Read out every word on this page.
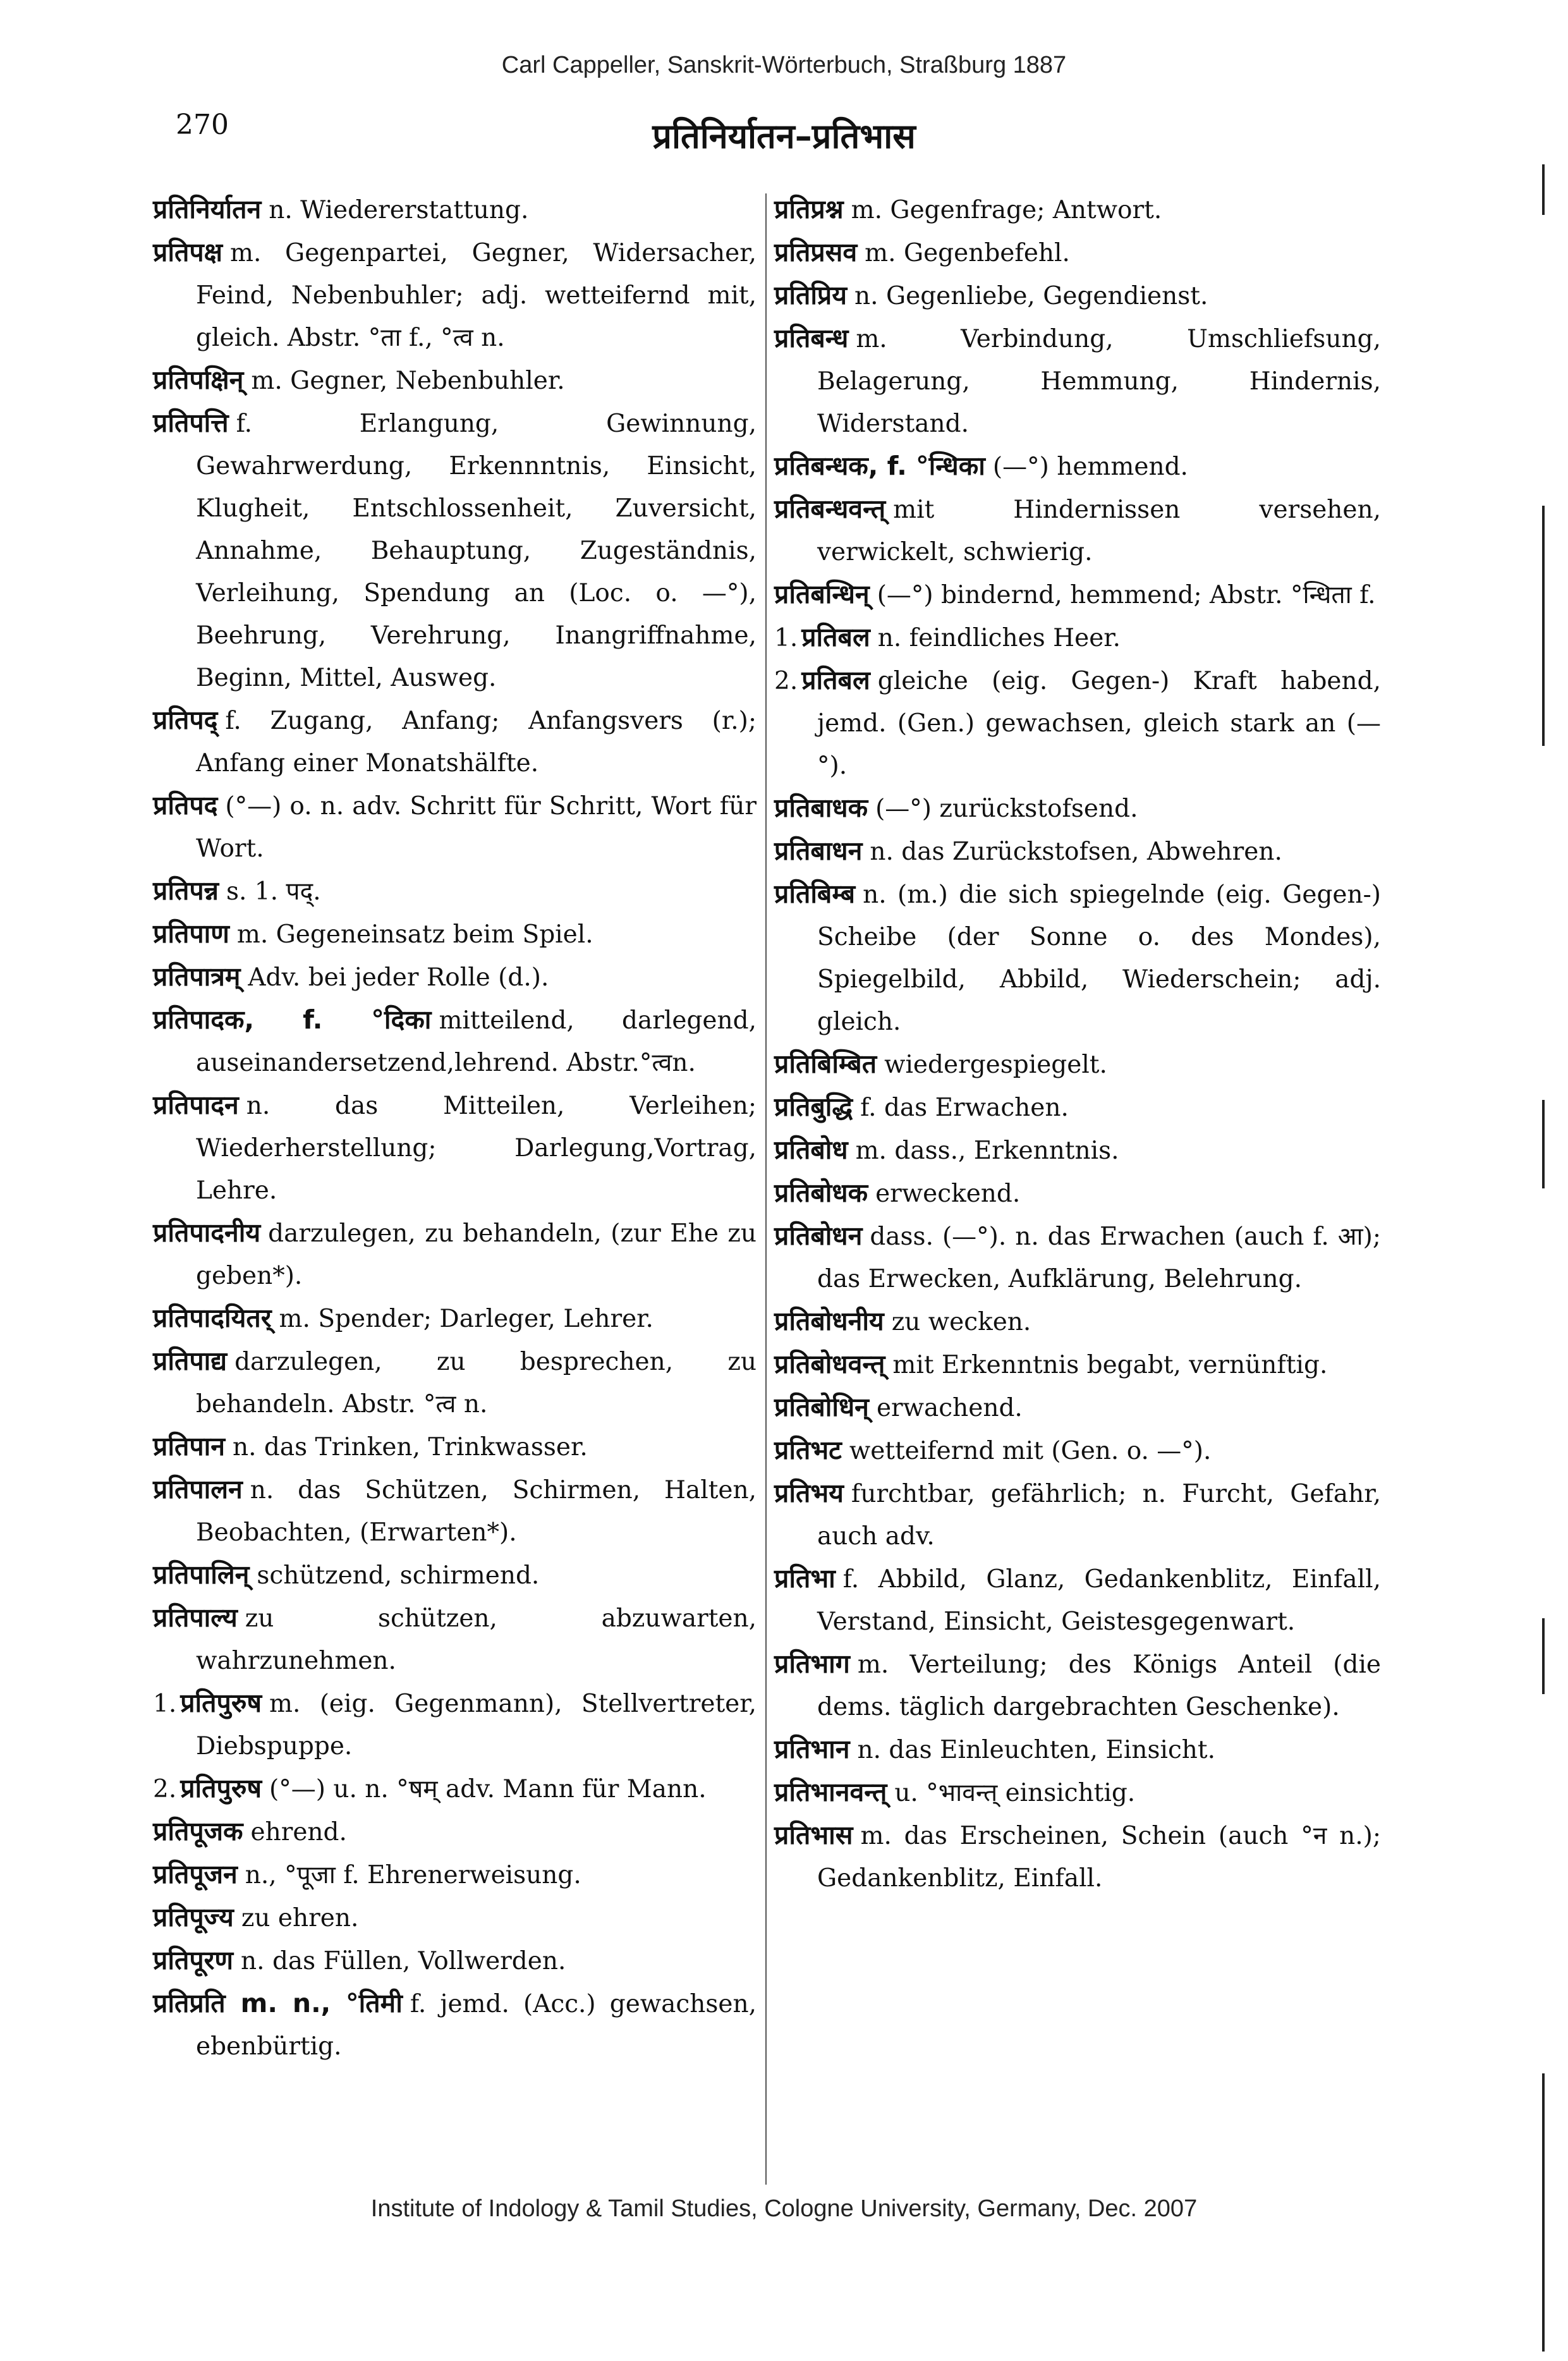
Carl Cappeller, Sanskrit-Wörterbuch, Straßburg 1887
270	प्रतिनिर्यातन–प्रतिभास
प्रतिनिर्यातन n. Wiedererstattung.
प्रतिपक्ष m. Gegenpartei, Gegner, Widersacher, Feind, Nebenbuhler; adj. wetteifernd mit, gleich. Abstr. °ता f., °त्व n.
प्रतिपक्षिन् m. Gegner, Nebenbuhler.
प्रतिपत्ति f. Erlangung, Gewinnung, Gewahrwerdung, Erkennntnis, Einsicht, Klugheit, Entschlossenheit, Zuversicht, Annahme, Behauptung, Zugeständnis, Verleihung, Spendung an (Loc. o. —°), Beehrung, Verehrung, Inangriffnahme, Beginn, Mittel, Ausweg.
प्रतिपद् f. Zugang, Anfang; Anfangsvers (r.); Anfang einer Monatshälfte.
प्रतिपद (°—) o. n. adv. Schritt für Schritt, Wort für Wort.
प्रतिपन्न s. 1. पद्.
प्रतिपाण m. Gegeneinsatz beim Spiel.
प्रतिपात्रम् Adv. bei jeder Rolle (d.).
प्रतिपादक, f. °दिका mitteilend, darlegend, auseinandersetzend,lehrend. Abstr.°त्वn.
प्रतिपादन n. das Mitteilen, Verleihen; Wiederherstellung; Darlegung,Vortrag, Lehre.
प्रतिपादनीय darzulegen, zu behandeln, (zur Ehe zu geben*).
प्रतिपादयितर् m. Spender; Darleger, Lehrer.
प्रतिपाद्य darzulegen, zu besprechen, zu behandeln. Abstr. °त्व n.
प्रतिपान n. das Trinken, Trinkwasser.
प्रतिपालन n. das Schützen, Schirmen, Halten, Beobachten, (Erwarten*).
प्रतिपालिन् schützend, schirmend.
प्रतिपाल्य zu schützen, abzuwarten, wahrzunehmen.
1. प्रतिपुरुष m. (eig. Gegenmann), Stellvertreter, Diebspuppe.
2. प्रतिपुरुष (°—) u. n. °षम् adv. Mann für Mann.
प्रतिपूजक ehrend.
प्रतिपूजन n., °पूजा f. Ehrenerweisung.
प्रतिपूज्य zu ehren.
प्रतिपूरण n. das Füllen, Vollwerden.
प्रतिप्रति m. n., °तिमी f. jemd. (Acc.) gewachsen, ebenbürtig.
प्रतिप्रश्न m. Gegenfrage; Antwort.
प्रतिप्रसव m. Gegenbefehl.
प्रतिप्रिय n. Gegenliebe, Gegendienst.
प्रतिबन्ध m. Verbindung, Umschliefsung, Belagerung, Hemmung, Hindernis, Widerstand.
प्रतिबन्धक, f. °न्धिका (—°) hemmend.
प्रतिबन्धवन्त् mit Hindernissen versehen, verwickelt, schwierig.
प्रतिबन्धिन् (—°) bindernd, hemmend; Abstr. °न्धिता f.
1. प्रतिबल n. feindliches Heer.
2. प्रतिबल gleiche (eig. Gegen-) Kraft habend, jemd. (Gen.) gewachsen, gleich stark an (—°).
प्रतिबाधक (—°) zurückstofsend.
प्रतिबाधन n. das Zurückstofsen, Abwehren.
प्रतिबिम्ब n. (m.) die sich spiegelnde (eig. Gegen-) Scheibe (der Sonne o. des Mondes), Spiegelbild, Abbild, Wiederschein; adj. gleich.
प्रतिबिम्बित wiedergespiegelt.
प्रतिबुद्धि f. das Erwachen.
प्रतिबोध m. dass., Erkenntnis.
प्रतिबोधक erweckend.
प्रतिबोधन dass. (—°). n. das Erwachen (auch f. आ); das Erwecken, Aufklärung, Belehrung.
प्रतिबोधनीय zu wecken.
प्रतिबोधवन्त् mit Erkenntnis begabt, vernünftig.
प्रतिबोधिन् erwachend.
प्रतिभट wetteifernd mit (Gen. o. —°).
प्रतिभय furchtbar, gefährlich; n. Furcht, Gefahr, auch adv.
प्रतिभा f. Abbild, Glanz, Gedankenblitz, Einfall, Verstand, Einsicht, Geistesgegenwart.
प्रतिभाग m. Verteilung; des Königs Anteil (die dems. täglich dargebrachten Geschenke).
प्रतिभान n. das Einleuchten, Einsicht.
प्रतिभानवन्त् u. °भावन्त् einsichtig.
प्रतिभास m. das Erscheinen, Schein (auch °न n.); Gedankenblitz, Einfall.
Institute of Indology & Tamil Studies, Cologne University, Germany, Dec. 2007
